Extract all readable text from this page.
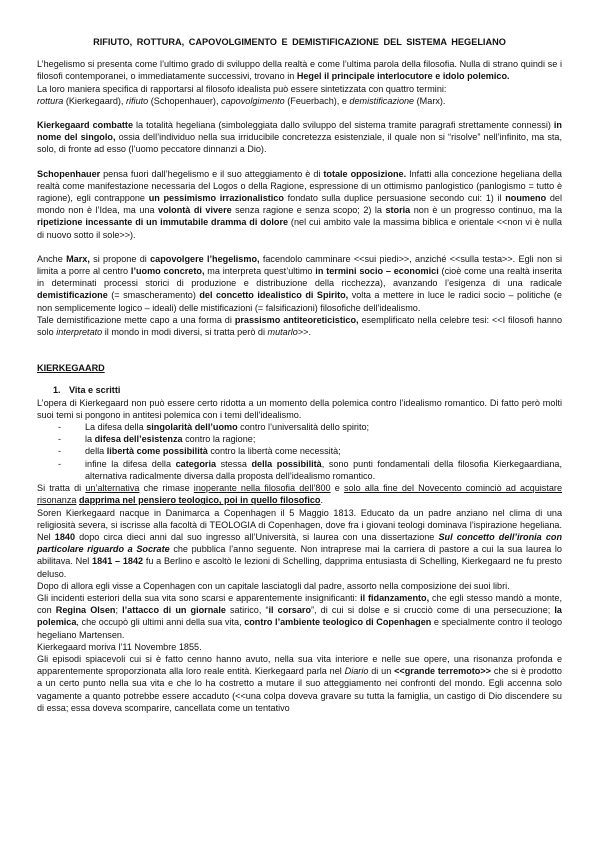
RIFIUTO, ROTTURA, CAPOVOLGIMENTO E DEMISTIFICAZIONE DEL SISTEMA HEGELIANO

L’hegelismo si presenta come l’ultimo grado di sviluppo della realtà e come l’ultima parola della filosofia. Nulla di strano quindi se i filosofi contemporanei, o immediatamente successivi, trovano in Hegel il principale interlocutore e idolo polemico.

La loro maniera specifica di rapportarsi al filosofo idealista può essere sintetizzata con quattro termini:

rottura (Kierkegaard), rifiuto (Schopenhauer), capovolgimento (Feuerbach), e demistificazione (Marx).

Kierkegaard combatte la totalità hegeliana (simboleggiata dallo sviluppo del sistema tramite paragrafi strettamente connessi) in nome del singolo, ossia dell’individuo nella sua irriducibile concretezza esistenziale, il quale non si “risolve” nell’infinito, ma sta, solo, di fronte ad esso (l’uomo peccatore dinnanzi a Dio).

Schopenhauer pensa fuori dall’hegelismo e il suo atteggiamento è di totale opposizione. Infatti alla concezione hegeliana della realtà come manifestazione necessaria del Logos o della Ragione, espressione di un ottimismo panlogistico (panlogismo = tutto è ragione), egli contrappone un pessimismo irrazionalistico fondato sulla duplice persuasione secondo cui: 1) il noumeno del mondo non è l’Idea, ma una volontà di vivere senza ragione e senza scopo; 2) la storia non è un progresso continuo, ma la ripetizione incessante di un immutabile dramma di dolore (nel cui ambito vale la massima biblica e orientale <<non vi è nulla di nuovo sotto il sole>>).

Anche Marx, si propone di capovolgere l’hegelismo, facendolo camminare <<sui piedi>>, anziché <<sulla testa>>. Egli non si limita a porre al centro l’uomo concreto, ma interpreta quest’ultimo in termini socio – economici (cioè come una realtà inserita in determinati processi storici di produzione e distribuzione della ricchezza), avanzando l’esigenza di una radicale demistificazione (= smascheramento) del concetto idealistico di Spirito, volta a mettere in luce le radici socio – politiche (e non semplicemente logico – ideali) delle mistificazioni (= falsificazioni) filosofiche dell’idealismo.

Tale demistificazione mette capo a una forma di prassismo antiteoreticistico, esemplificato nella celebre tesi: <<I filosofi hanno solo interpretato il mondo in modi diversi, si tratta però di mutarlo>>.

KIERKEGAARD

1. Vita e scritti

L’opera di Kierkegaard non può essere certo ridotta a un momento della polemica contro l’idealismo romantico. Di fatto però molti suoi temi si pongono in antitesi polemica con i temi dell’idealismo.

- La difesa della singolarità dell’uomo contro l’universalità dello spirito;
- la difesa dell’esistenza contro la ragione;
- della libertà come possibilità contro la libertà come necessità;
- infine la difesa della categoria stessa della possibilità, sono punti fondamentali della filosofia Kierkegaardiana, alternativa radicalmente diversa dalla proposta dell’idealismo romantico.

Si tratta di un’alternativa che rimase inoperante nella filosofia dell’800 e solo alla fine del Novecento cominciò ad acquistare risonanza dapprima nel pensiero teologico, poi in quello filosofico.

Soren Kierkegaard nacque in Danimarca a Copenhagen il 5 Maggio 1813. Educato da un padre anziano nel clima di una religiosità severa, si iscrisse alla facoltà di TEOLOGIA di Copenhagen, dove fra i giovani teologi dominava l’ispirazione hegeliana. Nel 1840 dopo circa dieci anni dal suo ingresso all’Università, si laurea con una dissertazione Sul concetto dell’ironia con particolare riguardo a Socrate che pubblica l’anno seguente. Non intraprese mai la carriera di pastore a cui la sua laurea lo abilitava. Nel 1841 – 1842 fu a Berlino e ascoltò le lezioni di Schelling, dapprima entusiasta di Schelling, Kierkegaard ne fu presto deluso.

Dopo di allora egli visse a Copenhagen con un capitale lasciatogli dal padre, assorto nella composizione dei suoi libri.

Gli incidenti esteriori della sua vita sono scarsi e apparentemente insignificanti: il fidanzamento, che egli stesso mandò a monte, con Regina Olsen; l’attacco di un giornale satirico, “il corsaro”, di cui si dolse e si crucciò come di una persecuzione; la polemica, che occupò gli ultimi anni della sua vita, contro l’ambiente teologico di Copenhagen e specialmente contro il teologo hegeliano Martensen.

Kierkegaard moriva l’11 Novembre 1855.

Gli episodi spiacevoli cui si è fatto cenno hanno avuto, nella sua vita interiore e nelle sue opere, una risonanza profonda e apparentemente sproporzionata alla loro reale entità. Kierkegaard parla nel Diario di un <<grande terremoto>> che si è prodotto a un certo punto nella sua vita e che lo ha costretto a mutare il suo atteggiamento nei confronti del mondo. Egli accenna solo vagamente a quanto potrebbe essere accaduto (<<una colpa doveva gravare su tutta la famiglia, un castigo di Dio discendere su di essa; essa doveva scomparire, cancellata come un tentativo
